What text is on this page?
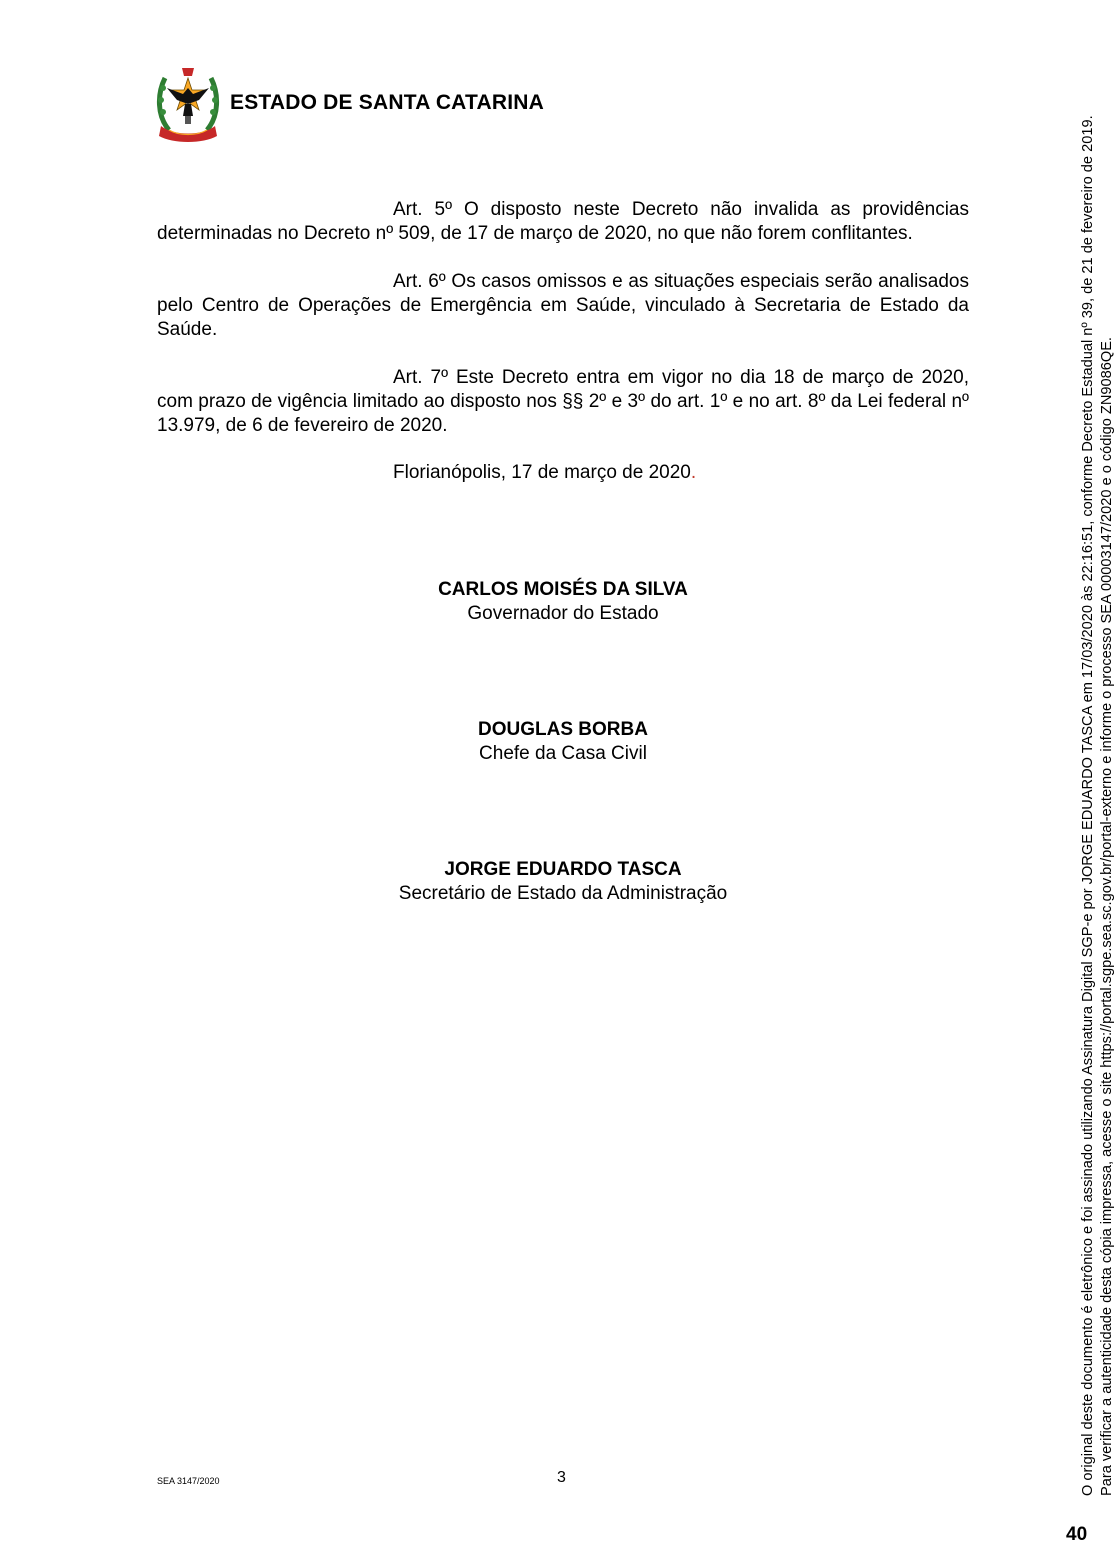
ESTADO DE SANTA CATARINA

Art. 5º O disposto neste Decreto não invalida as providências determinadas no Decreto nº 509, de 17 de março de 2020, no que não forem conflitantes.

Art. 6º Os casos omissos e as situações especiais serão analisados pelo Centro de Operações de Emergência em Saúde, vinculado à Secretaria de Estado da Saúde.

Art. 7º Este Decreto entra em vigor no dia 18 de março de 2020, com prazo de vigência limitado ao disposto nos §§ 2º e 3º do art. 1º e no art. 8º da Lei federal nº 13.979, de 6 de fevereiro de 2020.

Florianópolis, 17 de março de 2020.
CARLOS MOISÉS DA SILVA
Governador do Estado
DOUGLAS BORBA
Chefe da Casa Civil
JORGE EDUARDO TASCA
Secretário de Estado da Administração
SEA 3147/2020	3	O original deste documento é eletrônico e foi assinado utilizando Assinatura Digital SGP-e por JORGE EDUARDO TASCA em 17/03/2020 às 22:16:51, conforme Decreto Estadual nº 39, de 21 de fevereiro de 2019. Para verificar a autenticidade desta cópia impressa, acesse o site https://portal.sgpe.sea.sc.gov.br/portal-externo e informe o processo SEA 00003147/2020 e o código ZN9086QE.
40
